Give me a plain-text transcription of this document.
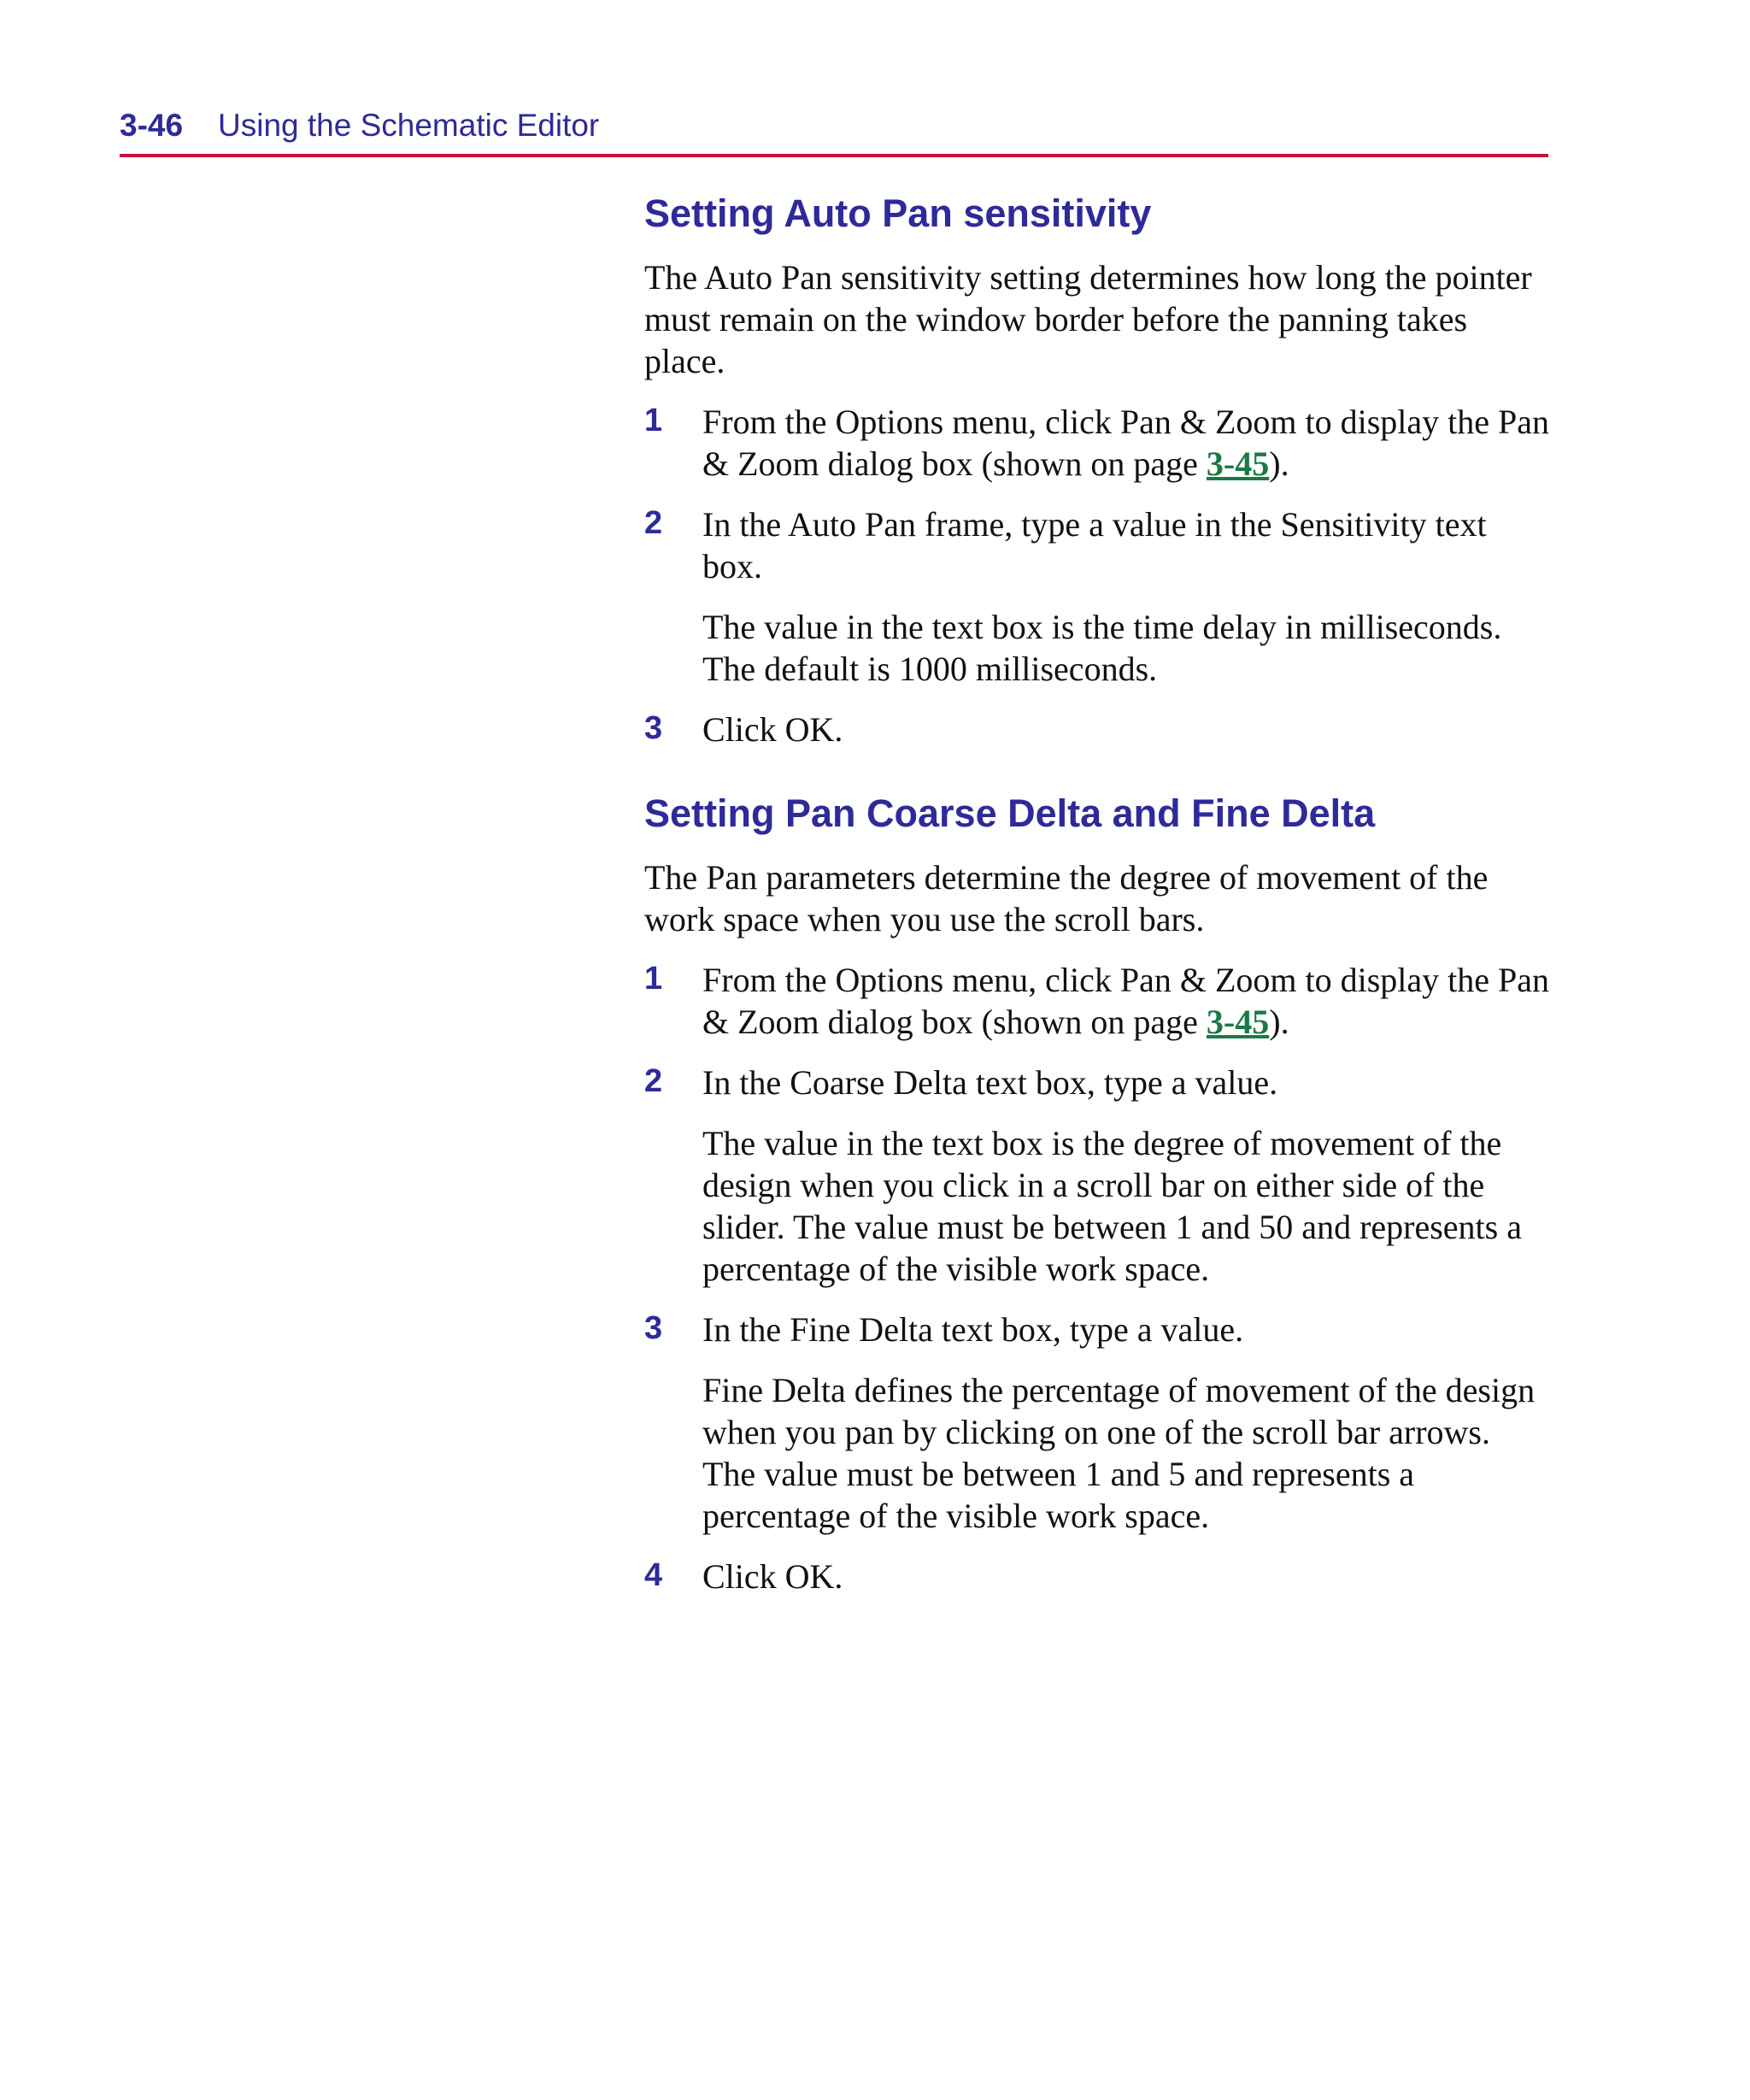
3-46 Using the Schematic Editor
Setting Auto Pan sensitivity

The Auto Pan sensitivity setting determines how long the pointer must remain on the window border before the panning takes place.

1 From the Options menu, click Pan & Zoom to display the Pan & Zoom dialog box (shown on page 3-45).
2 In the Auto Pan frame, type a value in the Sensitivity text box.

The value in the text box is the time delay in milliseconds. The default is 1000 milliseconds.

3 Click OK.
Setting Pan Coarse Delta and Fine Delta

The Pan parameters determine the degree of movement of the work space when you use the scroll bars.

1 From the Options menu, click Pan & Zoom to display the Pan & Zoom dialog box (shown on page 3-45).
2 In the Coarse Delta text box, type a value.

The value in the text box is the degree of movement of the design when you click in a scroll bar on either side of the slider. The value must be between 1 and 50 and represents a percentage of the visible work space.

3 In the Fine Delta text box, type a value.

Fine Delta defines the percentage of movement of the design when you pan by clicking on one of the scroll bar arrows. The value must be between 1 and 5 and represents a percentage of the visible work space.

4 Click OK.
